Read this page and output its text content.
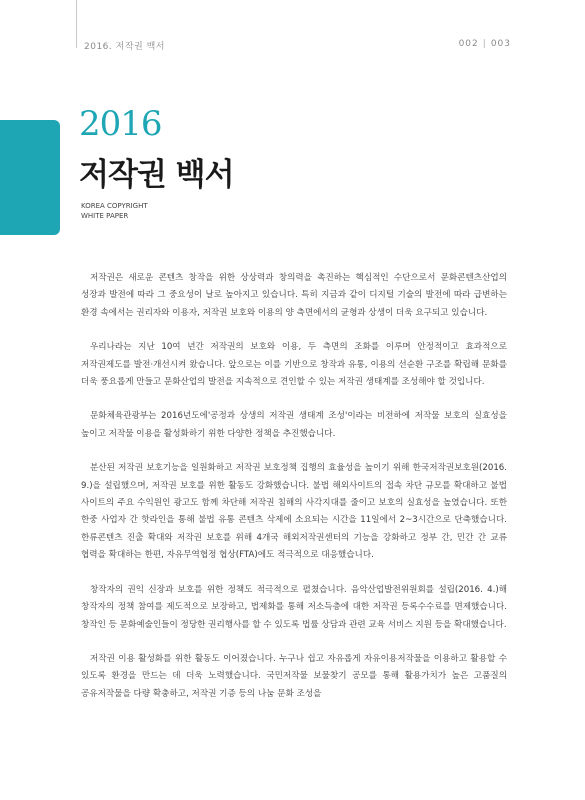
2016. 저작권 백서	002 | 003
2016
저작권 백서
KOREA COPYRIGHT
WHITE PAPER

저작권은 새로운 콘텐츠 창작을 위한 상상력과 창의력을 촉진하는 핵심적인 수단으로서 문화콘텐츠산업의 성장과 발전에 따라 그 중요성이 날로 높아지고 있습니다. 특히 지금과 같이 디지털 기술의 발전에 따라 급변하는 환경 속에서는 권리자와 이용자, 저작권 보호와 이용의 양 측면에서의 균형과 상생이 더욱 요구되고 있습니다.

우리나라는 지난 10여 년간 저작권의 보호와 이용, 두 측면의 조화를 이루며 안정적이고 효과적으로 저작권제도를 발전·개선시켜 왔습니다. 앞으로는 이를 기반으로 창작과 유통, 이용의 선순환 구조를 확립해 문화를 더욱 풍요롭게 만들고 문화산업의 발전을 지속적으로 견인할 수 있는 저작권 생태계를 조성해야 할 것입니다.

문화체육관광부는 2016년도에'공정과 상생의 저작권 생태계 조성'이라는 비전하에 저작물 보호의 실효성을 높이고 저작물 이용을 활성화하기 위한 다양한 정책을 추진했습니다.

분산된 저작권 보호기능을 일원화하고 저작권 보호정책 집행의 효율성을 높이기 위해 한국저작권보호원(2016. 9.)을 설립했으며, 저작권 보호를 위한 활동도 강화했습니다. 불법 해외사이트의 접속 차단 규모를 확대하고 불법 사이트의 주요 수익원인 광고도 함께 차단해 저작권 침해의 사각지대를 줄이고 보호의 실효성을 높였습니다. 또한 한중 사업자 간 핫라인을 통해 불법 유통 콘텐츠 삭제에 소요되는 시간을 11일에서 2~3시간으로 단축했습니다. 한류콘텐츠 진출 확대와 저작권 보호를 위해 4개국 해외저작권센터의 기능을 강화하고 정부 간, 민간 간 교류 협력을 확대하는 한편, 자유무역협정 협상(FTA)에도 적극적으로 대응했습니다.

창작자의 권익 신장과 보호를 위한 정책도 적극적으로 펼쳤습니다. 음악산업발전위원회를 설립(2016. 4.)해 창작자의 정책 참여를 제도적으로 보장하고, 법제화를 통해 저소득층에 대한 저작권 등록수수료를 면제했습니다. 창작인 등 문화예술인들이 정당한 권리행사를 할 수 있도록 법률 상담과 관련 교육 서비스 지원 등을 확대했습니다.

저작권 이용 활성화를 위한 활동도 이어졌습니다. 누구나 쉽고 자유롭게 자유이용저작물을 이용하고 활용할 수 있도록 환경을 만드는 데 더욱 노력했습니다. 국민저작물 보물찾기 공모를 통해 활용가치가 높은 고품질의 공유저작물을 다량 확충하고, 저작권 기증 등의 나눔 문화 조성을
